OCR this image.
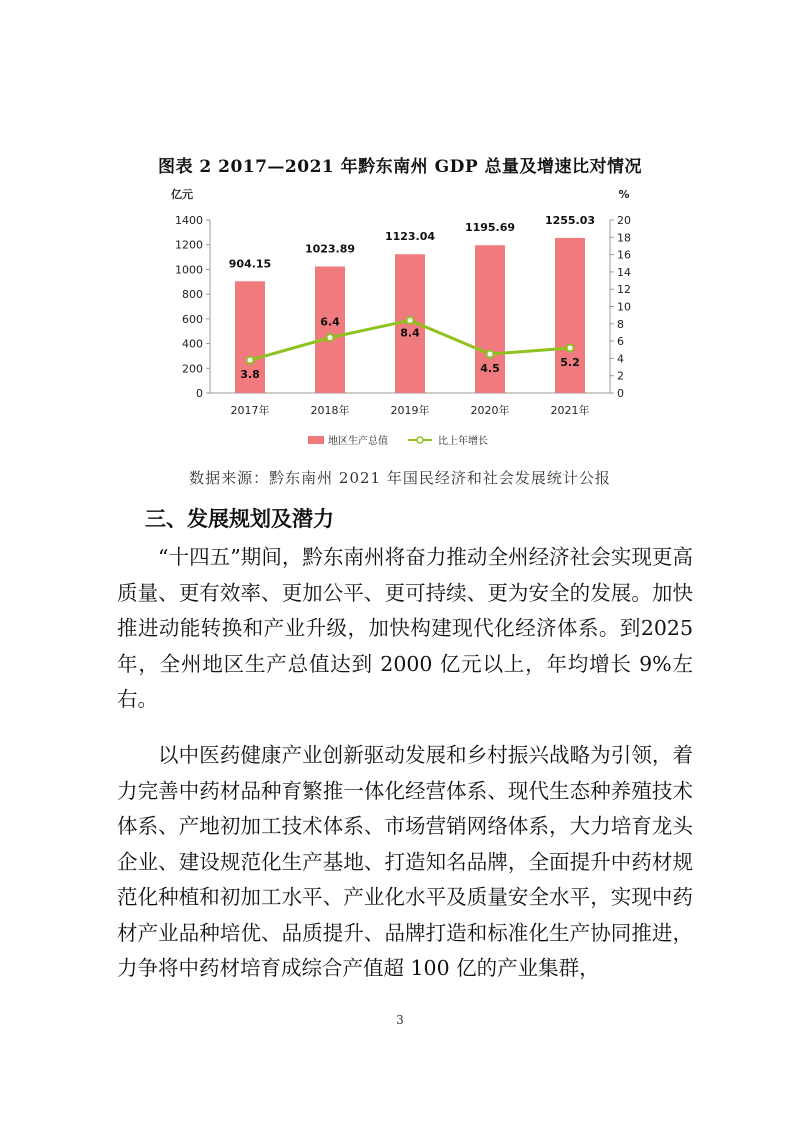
图表 2 2017—2021 年黔东南州 GDP 总量及增速比对情况
亿元	%
0
200
400
600
800
1000
1200
1400
0
2
4
6
8
10
12
14
16
18
20
2017年	2018年	2019年	2020年	2021年
904.15
1023.89
1123.04
1195.69
1255.03
3.8
6.4
8.4
4.5	5.2
地区生产总值	比上年增长
数据来源：黔东南州 2021 年国民经济和社会发展统计公报
三、发展规划及潜力

“十四五”期间，黔东南州将奋力推动全州经济社会实现更高质量、更有效率、更加公平、更可持续、更为安全的发展。加快推进动能转换和产业升级，加快构建现代化经济体系。到2025 年，全州地区生产总值达到 2000 亿元以上，年均增长 9%左右。

以中医药健康产业创新驱动发展和乡村振兴战略为引领，着力完善中药材品种育繁推一体化经营体系、现代生态种养殖技术体系、产地初加工技术体系、市场营销网络体系，大力培育龙头企业、建设规范化生产基地、打造知名品牌，全面提升中药材规范化种植和初加工水平、产业化水平及质量安全水平，实现中药材产业品种培优、品质提升、品牌打造和标准化生产协同推进，力争将中药材培育成综合产值超 100 亿的产业集群，

3
